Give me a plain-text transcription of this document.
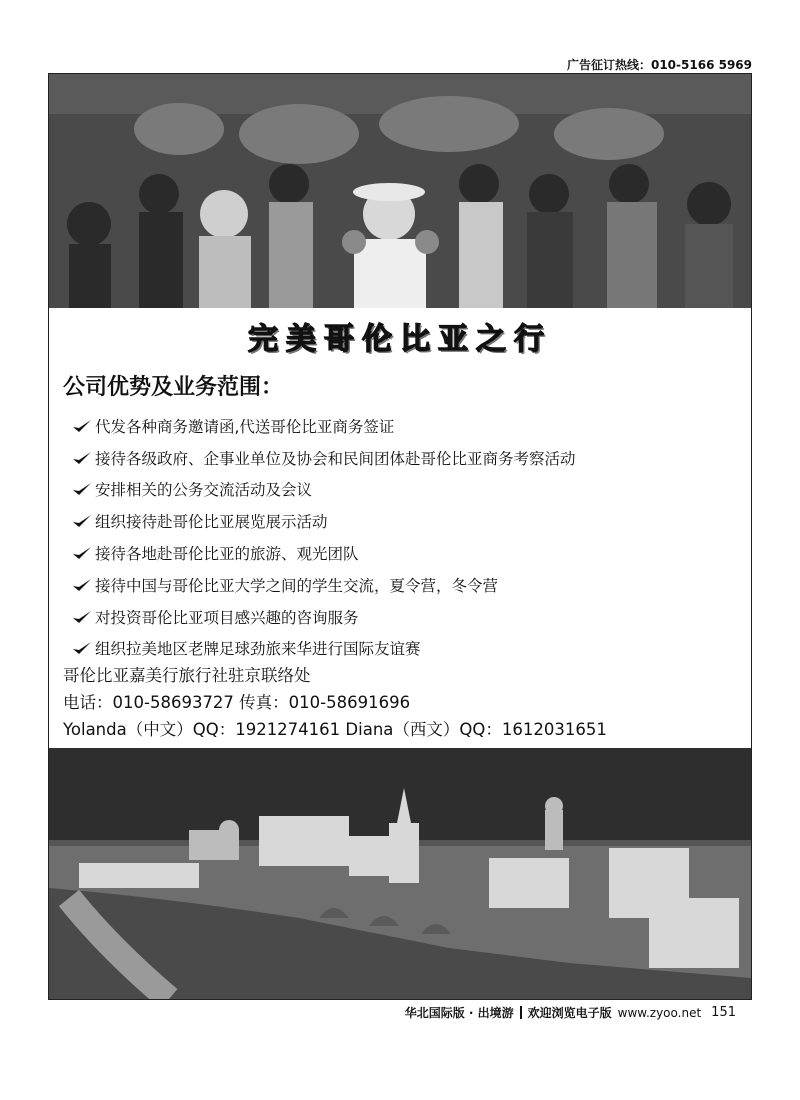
广告征订热线：010-5166 5969
完美哥伦比亚之行
公司优势及业务范围：
代发各种商务邀请函,代送哥伦比亚商务签证
接待各级政府、企事业单位及协会和民间团体赴哥伦比亚商务考察活动
安排相关的公务交流活动及会议
组织接待赴哥伦比亚展览展示活动
接待各地赴哥伦比亚的旅游、观光团队
接待中国与哥伦比亚大学之间的学生交流，夏令营，冬令营
对投资哥伦比亚项目感兴趣的咨询服务
组织拉美地区老牌足球劲旅来华进行国际友谊赛
哥伦比亚嘉美行旅行社驻京联络处
电话：010-58693727 传真：010-58691696
Yolanda（中文）QQ：1921274161 Diana（西文）QQ：1612031651
华北国际版 · 出境游 欢迎浏览电子版 www.zyoo.net 151
